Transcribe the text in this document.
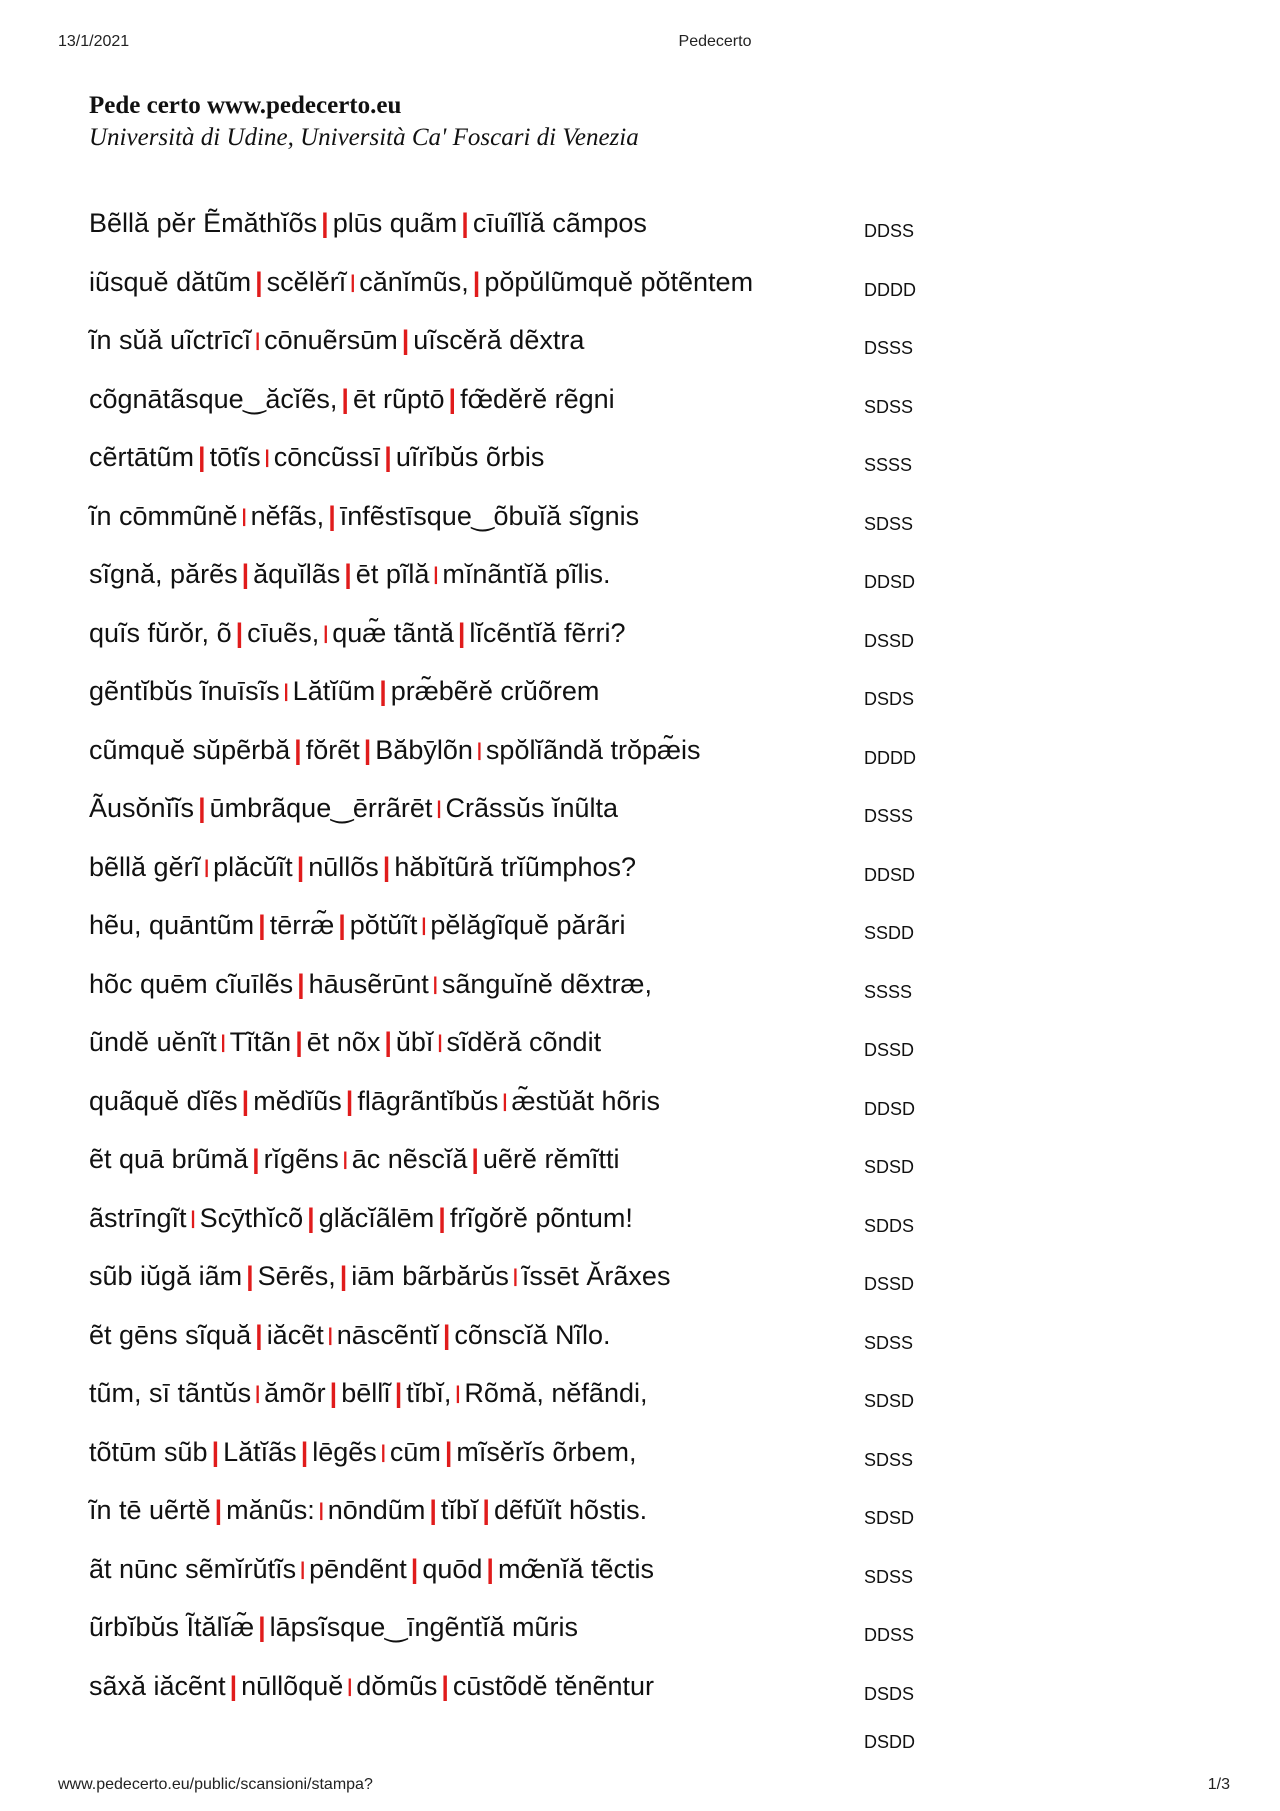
13/1/2021	Pedecerto
Pede certo www.pedecerto.eu
Università di Udine, Università Ca' Foscari di Venezia
Bẽllă pĕr Ẽmăthĭõs | plūs quãm | cīuĩlĭă cãmpos	DDSS
iũsquĕ dătũm | scĕlĕrĩ | cănĭmũs, | pŏpŭlũmquĕ pŏtẽntem	DDDD
ĩn sŭă uĩctrīcĩ | cōnuẽrsūm | uĩscĕră dẽxtra	DSSS
cõgnātãsque‿ăcĭẽs, | ēt rũptō | fœ̃dĕrĕ rẽgni	SDSS
cẽrtātũm | tōtĩs | cōncũssī | uĩrĭbŭs õrbis	SSSS
ĩn cōmmũnĕ | nĕfãs, | īnfẽstīsque‿õbuĭă sĩgnis	SDSS
sĩgnă, părẽs | ăquĭlãs | ēt pĩlă | mĭnãntĭă pĩlis.	DDSD
quĩs fŭrŏr, õ | cīuẽs, | quæ̃ tãntă | lĭcẽntĭă fẽrri?	DSSD
gẽntĭbŭs ĩnuīsĩs | Lătĭũm | præ̃bẽrĕ crŭõrem	DSDS
cũmquĕ sŭpẽrbă | fŏrẽt | Băbȳlõn | spŏlĭãndă trŏpæ̃is	DDDD
Ãusŏnĭĩs | ūmbrãque‿ērrãrēt | Crãssŭs ĭnũlta	DSSS
bẽllă gĕrĩ | plăcŭĩt | nūllõs | hăbĭtũră trĭũmphos?	DDSD
hẽu, quāntũm | tērræ̃ | pŏtŭĩt | pĕlăgĩquĕ părãri	SSDD
hõc quēm cĩuīlẽs | hāusẽrūnt | sãnguĭnĕ dẽxtræ,	SSSS
ũndĕ uĕnĩt | Tĩtãn | ēt nõx | ŭbĭ | sĩdĕră cõndit	DSSD
quãquĕ dĭẽs | mĕdĭũs | flāgrãntĭbŭs | æ̃stŭăt hõris	DDSD
ẽt quā brũmă | rĭgẽns | āc nẽscĭă | uẽrĕ rĕmĩtti	SDSD
ãstrīngĩt | Scȳthĭcõ | glăcĭãlēm | frĩgŏrĕ põntum!	SDDS
sũb iŭgă iãm | Sērẽs, | iām bãrbărŭs | ĩssēt Ărãxes	DSSD
ẽt gēns sĩquă | iăcẽt | nāscẽntĭ | cõnscĭă Nĩlo.	SDSS
tũm, sī tãntŭs | ămõr | bēllĩ | tĭbĭ, | Rõmă, nĕfãndi,	SDSD
tõtūm sũb | Lătĭãs | lēgẽs | cūm | mĩsĕrĭs õrbem,	SDSS
ĩn tē uẽrtĕ | mănũs: | nōndũm | tĭbĭ | dẽfŭĭt hõstis.	SDSD
ãt nūnc sẽmĭrŭtĩs | pēndẽnt | quōd | mœ̃nĭă tẽctis	SDSS
ũrbĭbŭs Ĩtălĭæ̃ | lāpsĩsque‿īngẽntĭă mũris	DDSS
sãxă iăcẽnt | nūllõquĕ | dŏmũs | cūstõdĕ tĕnẽntur	DSDS
DSDD
www.pedecerto.eu/public/scansioni/stampa?	1/3
